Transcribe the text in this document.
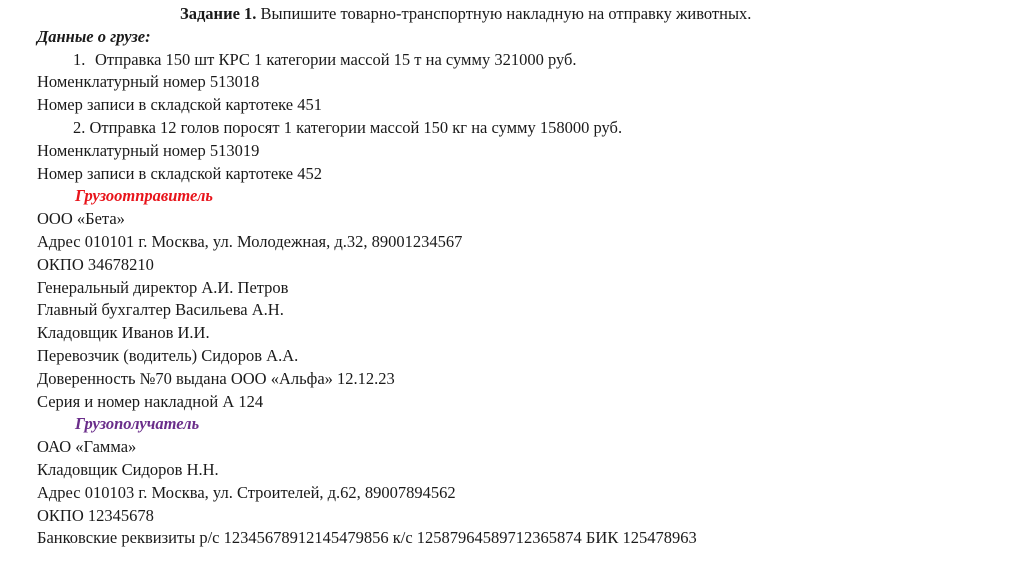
Задание 1. Выпишите товарно-транспортную накладную на отправку животных.
Данные о грузе:
1. Отправка 150 шт КРС 1 категории массой 15 т на сумму 321000 руб.
Номенклатурный номер 513018
Номер записи в складской картотеке 451
2. Отправка 12 голов поросят 1 категории массой 150 кг на сумму 158000 руб.
Номенклатурный номер 513019
Номер записи в складской картотеке 452
Грузоотправитель
ООО «Бета»
Адрес 010101 г. Москва, ул. Молодежная, д.32, 89001234567
ОКПО 34678210
Генеральный директор А.И. Петров
Главный бухгалтер Васильева А.Н.
Кладовщик Иванов И.И.
Перевозчик (водитель) Сидоров А.А.
Доверенность №70 выдана ООО «Альфа» 12.12.23
Серия и номер накладной А 124
Грузополучатель
ОАО «Гамма»
Кладовщик Сидоров Н.Н.
Адрес 010103 г. Москва, ул. Строителей, д.62, 89007894562
ОКПО 12345678
Банковские реквизиты р/с 12345678912145479856 к/с 12587964589712365874 БИК 125478963
